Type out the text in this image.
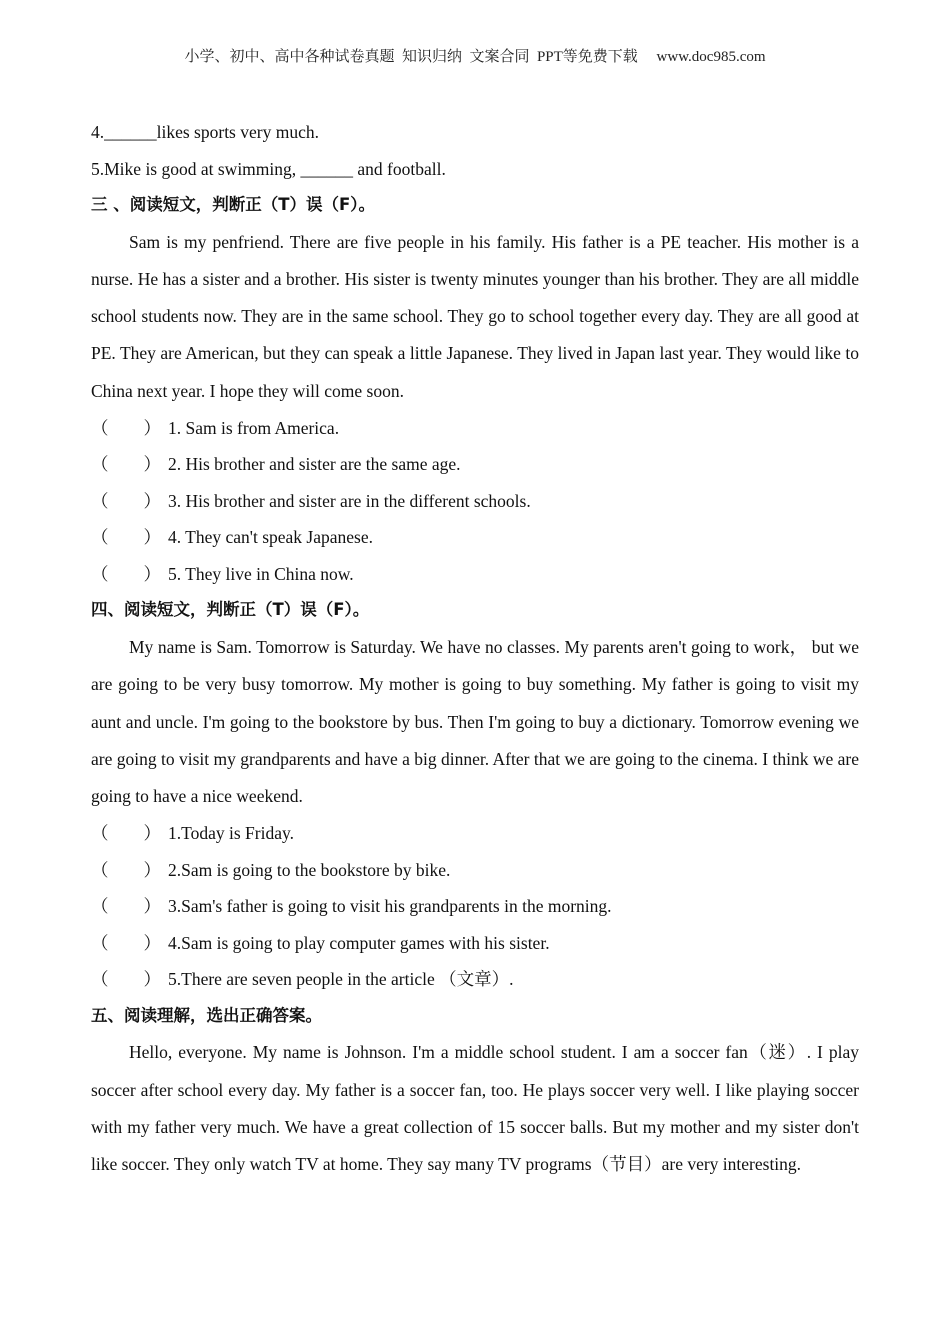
小学、初中、高中各种试卷真题  知识归纳  文案合同  PPT等免费下载     www.doc985.com
4.______likes sports very much.
5.Mike is good at swimming, ______ and football.
三 、阅读短文，判断正（T）误（F）。

Sam is my penfriend. There are five people in his family. His father is a PE teacher. His mother is a nurse. He has a sister and a brother. His sister is twenty minutes younger than his brother. They are all middle school students now. They are in the same school. They go to school together every day. They are all good at PE. They are American, but they can speak a little Japanese. They lived in Japan last year. They would like to China next year. I hope they will come soon.

（　　） 1. Sam is from America.
（　　） 2. His brother and sister are the same age.
（　　） 3. His brother and sister are in the different schools.
（　　） 4. They can't speak Japanese.
（　　） 5. They live in China now.
四、阅读短文，判断正（T）误（F）。

My name is Sam. Tomorrow is Saturday. We have no classes. My parents aren't going to work， but we are going to be very busy tomorrow. My mother is going to buy something. My father is going to visit my aunt and uncle. I'm going to the bookstore by bus. Then I'm going to buy a dictionary. Tomorrow evening we are going to visit my grandparents and have a big dinner. After that we are going to the cinema. I think we are going to have a nice weekend.

（　　） 1.Today is Friday.
（　　） 2.Sam is going to the bookstore by bike.
（　　） 3.Sam's father is going to visit his grandparents in the morning.
（　　） 4.Sam is going to play computer games with his sister.
（　　） 5.There are seven people in the article （文章）.
五、阅读理解，选出正确答案。

Hello, everyone. My name is Johnson. I'm a middle school student. I am a soccer fan（迷）. I play soccer after school every day. My father is a soccer fan, too. He plays soccer very well. I like playing soccer with my father very much. We have a great collection of 15 soccer balls. But my mother and my sister don't like soccer. They only watch TV at home. They say many TV programs（节目）are very interesting.
